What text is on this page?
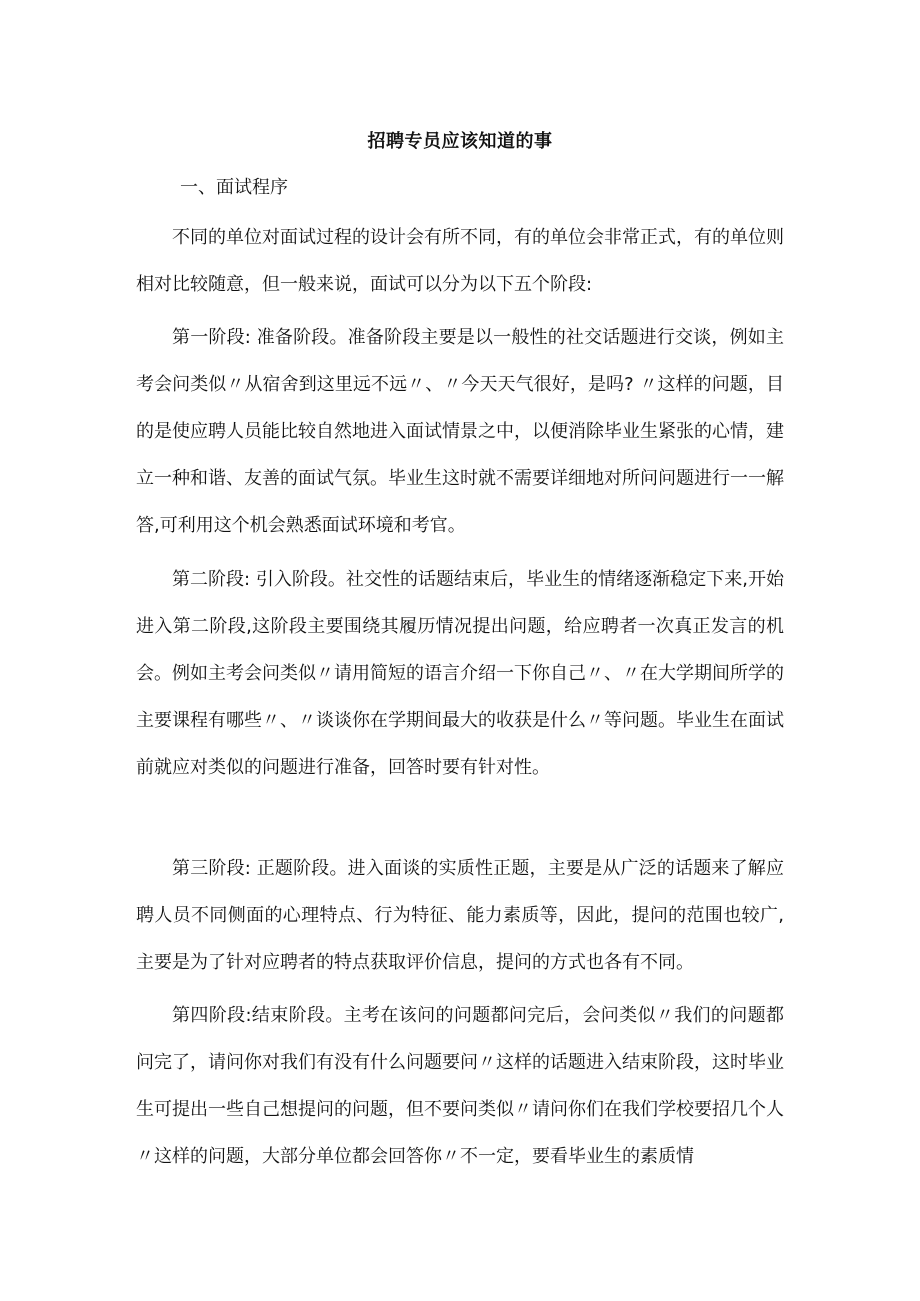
招聘专员应该知道的事
一、面试程序

不同的单位对面试过程的设计会有所不同，有的单位会非常正式，有的单位则相对比较随意，但一般来说，面试可以分为以下五个阶段:

第一阶段: 准备阶段。准备阶段主要是以一般性的社交话题进行交谈，例如主考会问类似〃从宿舍到这里远不远〃、〃今天天气很好，是吗? 〃这样的问题，目的是使应聘人员能比较自然地进入面试情景之中，以便消除毕业生紧张的心情，建立一种和谐、友善的面试气氛。毕业生这时就不需要详细地对所问问题进行一一解答,可利用这个机会熟悉面试环境和考官。

第二阶段: 引入阶段。社交性的话题结束后，毕业生的情绪逐渐稳定下来,开始进入第二阶段,这阶段主要围绕其履历情况提出问题，给应聘者一次真正发言的机会。例如主考会问类似〃请用简短的语言介绍一下你自己〃、〃在大学期间所学的主要课程有哪些〃、〃谈谈你在学期间最大的收获是什么〃等问题。毕业生在面试前就应对类似的问题进行准备，回答时要有针对性。

第三阶段: 正题阶段。进入面谈的实质性正题，主要是从广泛的话题来了解应聘人员不同侧面的心理特点、行为特征、能力素质等，因此，提问的范围也较广,主要是为了针对应聘者的特点获取评价信息，提问的方式也各有不同。

第四阶段:结束阶段。主考在该问的问题都问完后，会问类似〃我们的问题都问完了，请问你对我们有没有什么问题要问〃这样的话题进入结束阶段，这时毕业生可提出一些自己想提问的问题，但不要问类似〃请问你们在我们学校要招几个人〃这样的问题，大部分单位都会回答你〃不一定，要看毕业生的素质情
